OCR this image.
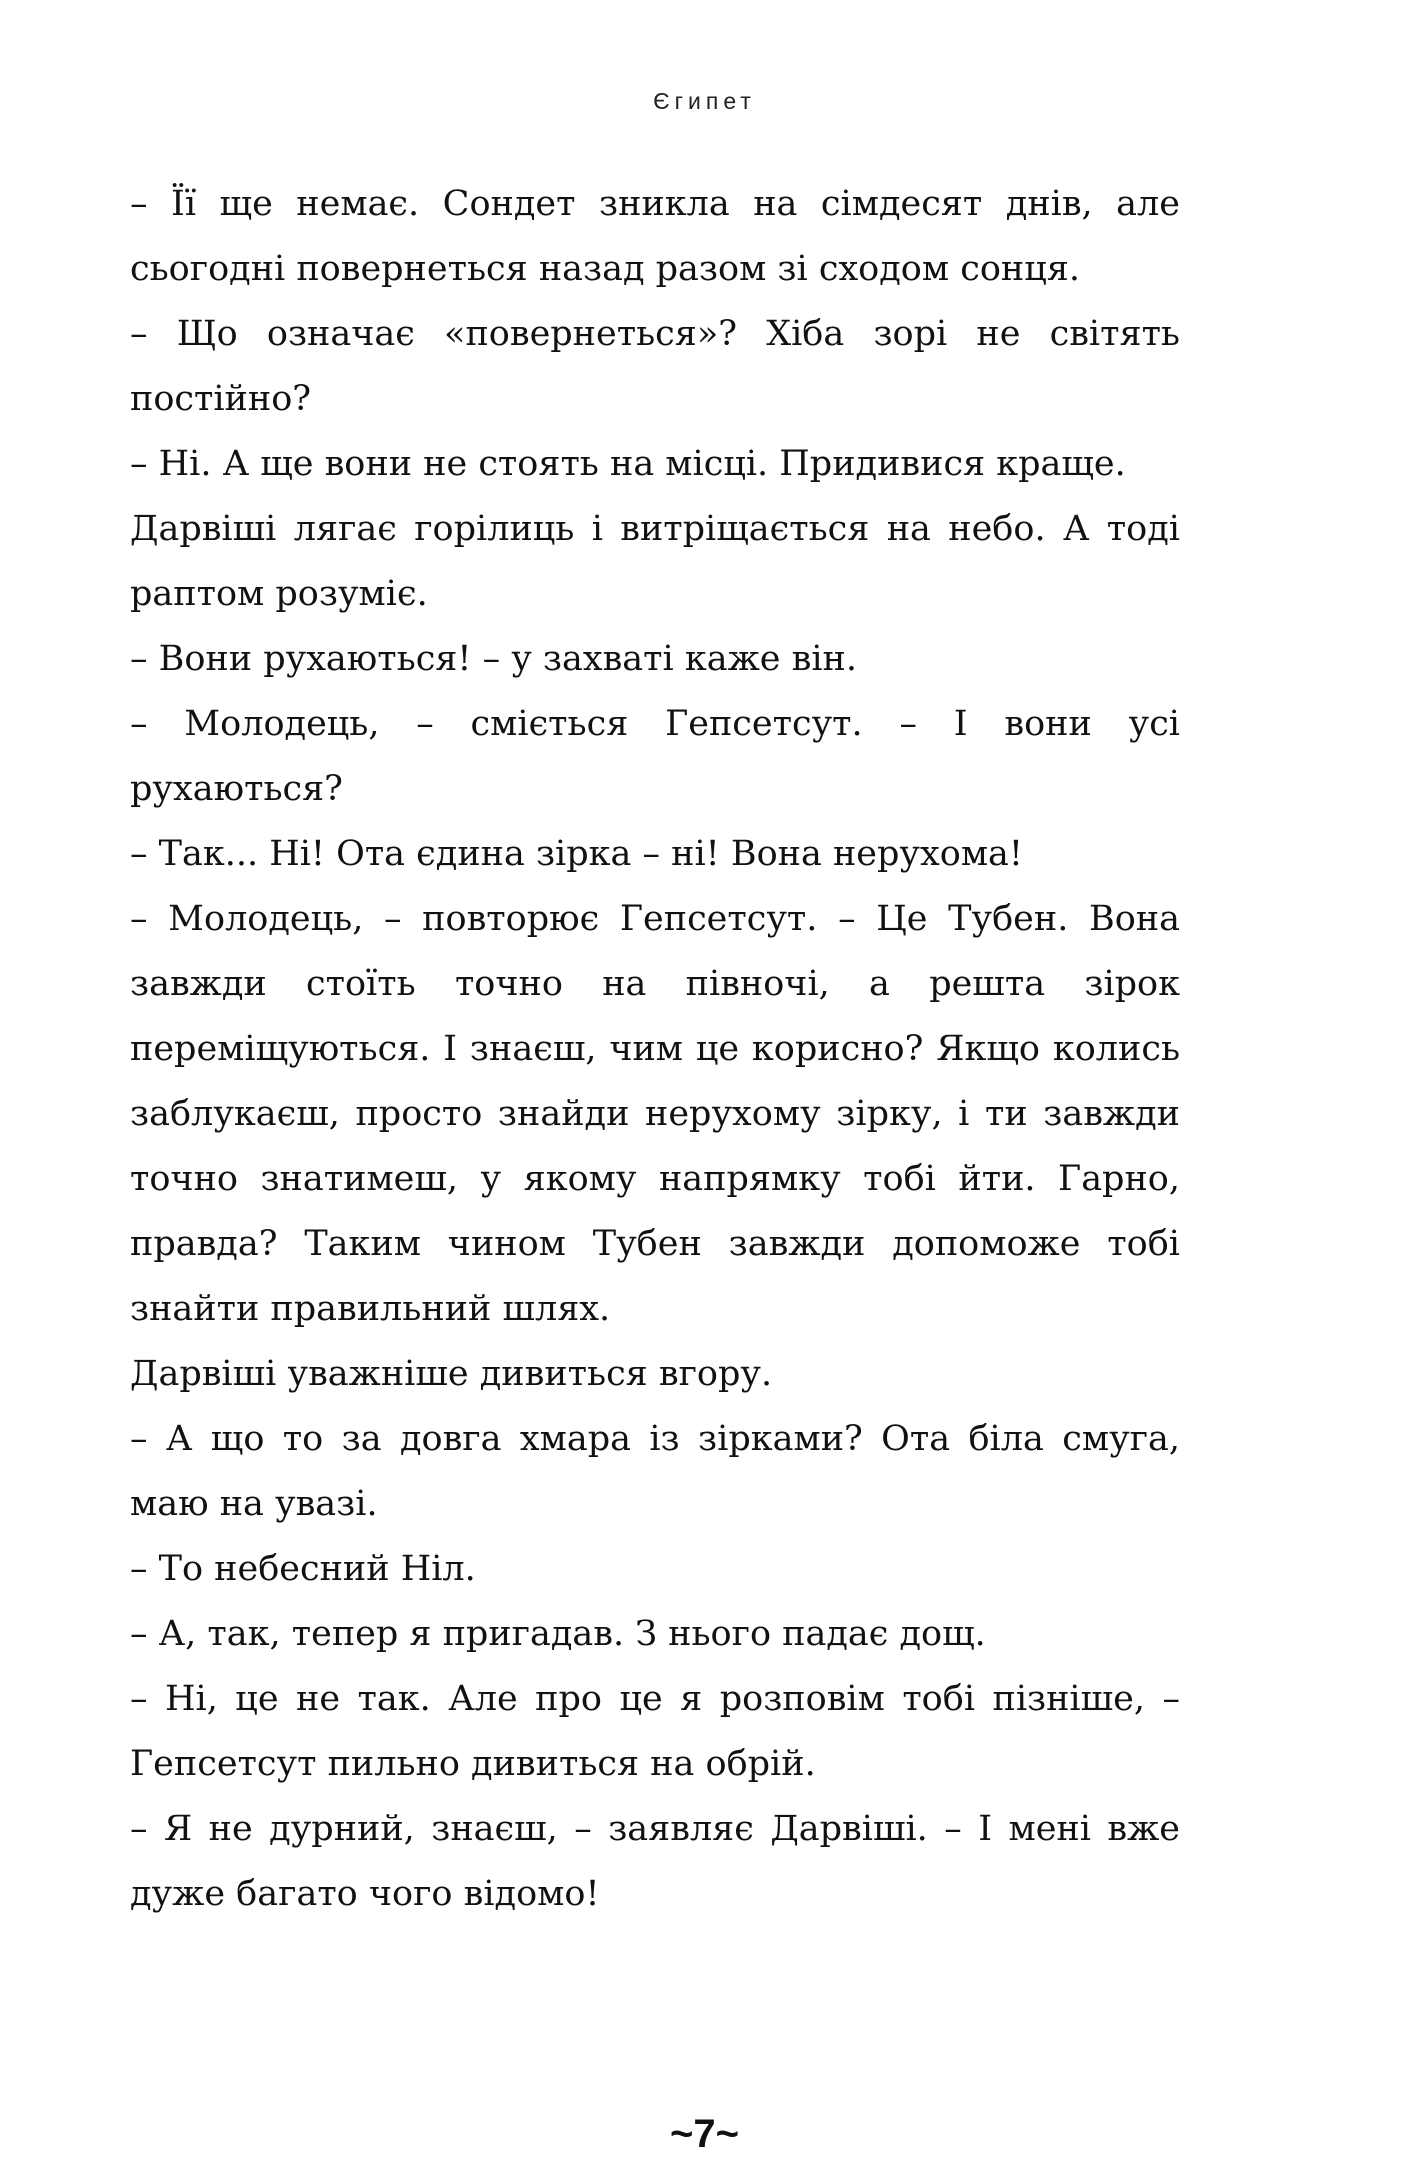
Єгипет

– Її ще немає. Сондет зникла на сімдесят днів, але сьогодні повернеться назад разом зі сходом сонця.

– Що означає «повернеться»? Хіба зорі не світять постійно?

– Ні. А ще вони не стоять на місці. Придивися краще.

Дарвіші лягає горілиць і витріщається на небо. А тоді раптом розуміє.

– Вони рухаються! – у захваті каже він.

– Молодець, – сміється Гепсетсут. – І вони усі рухаються?

– Так... Ні! Ота єдина зірка – ні! Вона нерухома!

– Молодець, – повторює Гепсетсут. – Це Тубен. Вона завжди стоїть точно на півночі, а решта зірок переміщуються. І знаєш, чим це корисно? Якщо колись заблукаєш, просто знайди нерухому зірку, і ти завжди точно знатимеш, у якому напрямку тобі йти. Гарно, правда? Таким чином Тубен завжди допоможе тобі знайти правильний шлях.

Дарвіші уважніше дивиться вгору.

– А що то за довга хмара із зірками? Ота біла смуга, маю на увазі.

– То небесний Ніл.

– А, так, тепер я пригадав. З нього падає дощ.

– Ні, це не так. Але про це я розповім тобі пізніше, – Гепсетсут пильно дивиться на обрій.

– Я не дурний, знаєш, – заявляє Дарвіші. – І мені вже дуже багато чого відомо!

~7~
